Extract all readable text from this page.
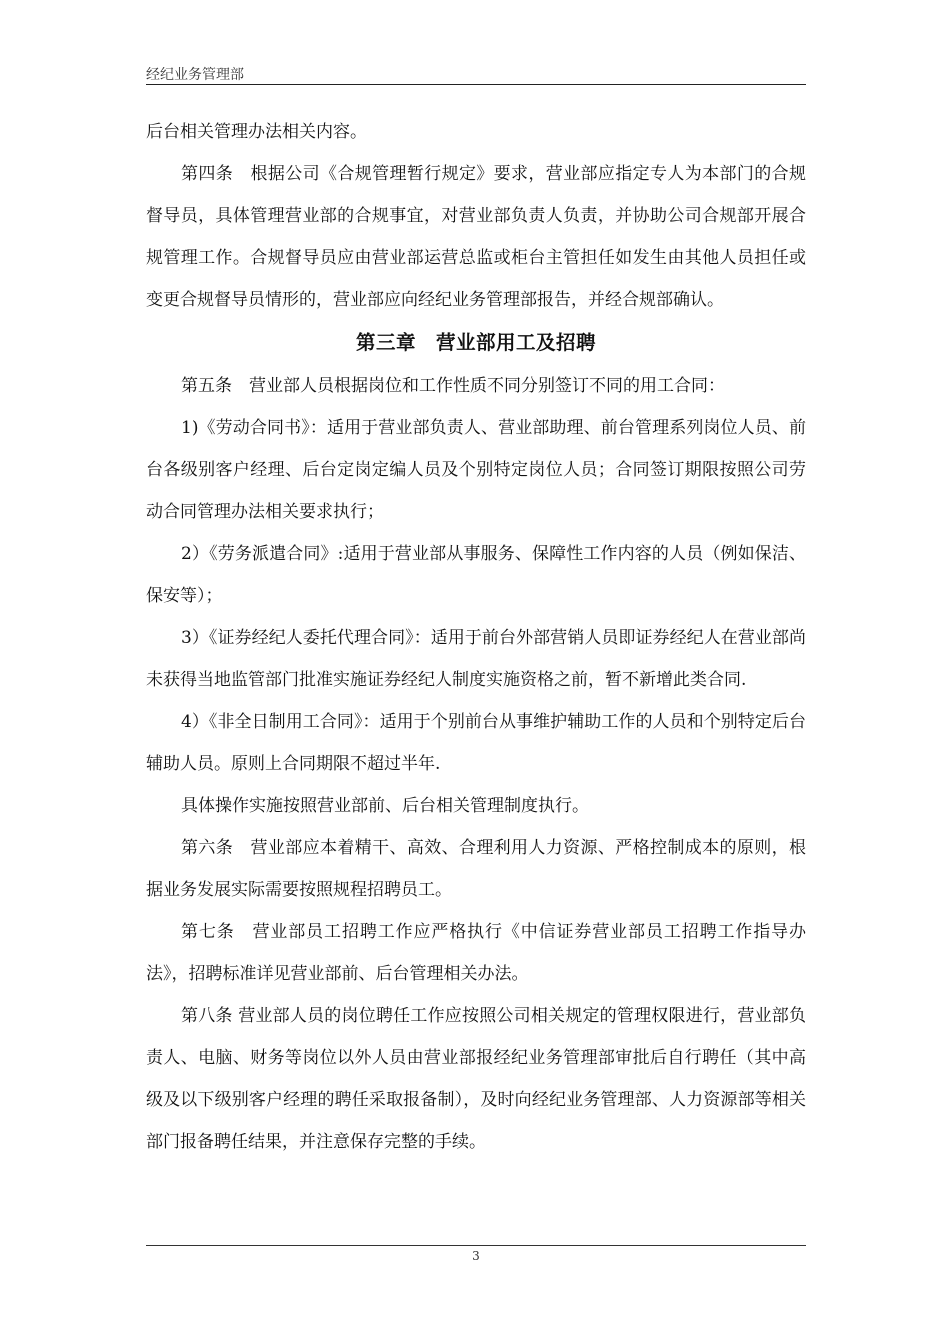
经纪业务管理部

后台相关管理办法相关内容。

第四条　根据公司《合规管理暂行规定》要求，营业部应指定专人为本部门的合规督导员，具体管理营业部的合规事宜，对营业部负责人负责，并协助公司合规部开展合规管理工作。合规督导员应由营业部运营总监或柜台主管担任如发生由其他人员担任或变更合规督导员情形的，营业部应向经纪业务管理部报告，并经合规部确认。

第三章　营业部用工及招聘

第五条　营业部人员根据岗位和工作性质不同分别签订不同的用工合同：

1)《劳动合同书》：适用于营业部负责人、营业部助理、前台管理系列岗位人员、前台各级别客户经理、后台定岗定编人员及个别特定岗位人员；合同签订期限按照公司劳动合同管理办法相关要求执行；

2）《劳务派遣合同》:适用于营业部从事服务、保障性工作内容的人员（例如保洁、保安等）；

3）《证券经纪人委托代理合同》：适用于前台外部营销人员即证券经纪人在营业部尚未获得当地监管部门批准实施证券经纪人制度实施资格之前，暂不新增此类合同.

4）《非全日制用工合同》：适用于个别前台从事维护辅助工作的人员和个别特定后台辅助人员。原则上合同期限不超过半年.

具体操作实施按照营业部前、后台相关管理制度执行。

第六条　营业部应本着精干、高效、合理利用人力资源、严格控制成本的原则，根据业务发展实际需要按照规程招聘员工。

第七条　营业部员工招聘工作应严格执行《中信证券营业部员工招聘工作指导办法》，招聘标准详见营业部前、后台管理相关办法。

第八条 营业部人员的岗位聘任工作应按照公司相关规定的管理权限进行，营业部负责人、电脑、财务等岗位以外人员由营业部报经纪业务管理部审批后自行聘任（其中高级及以下级别客户经理的聘任采取报备制），及时向经纪业务管理部、人力资源部等相关部门报备聘任结果，并注意保存完整的手续。

3
